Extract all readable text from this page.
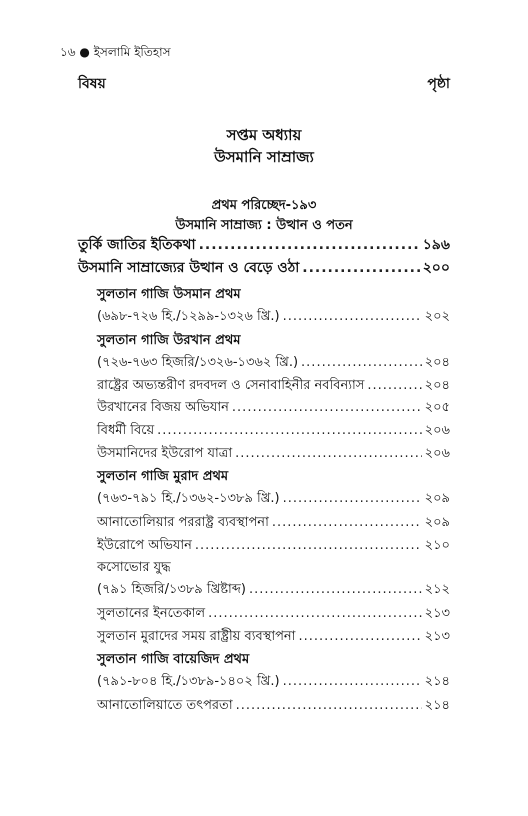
১৬ ● ইসলামি ইতিহাস
বিষয়	পৃষ্ঠা
সপ্তম অধ্যায়
উসমানি সাম্রাজ্য
প্রথম পরিচ্ছেদ-১৯৩
উসমানি সাম্রাজ্য : উত্থান ও পতন
তুর্কি জাতির ইতিকথা .....	১৯৬
উসমানি সাম্রাজ্যের উত্থান ও বেড়ে ওঠা .....	২০০
সুলতান গাজি উসমান প্রথম
(৬৯৮-৭২৬ হি./১২৯৯-১৩২৬ খ্রি.) .....	২০২
সুলতান গাজি উরখান প্রথম
(৭২৬-৭৬৩ হিজরি/১৩২৬-১৩৬২ খ্রি.) .....	২০৪
রাষ্ট্রের অভ্যন্তরীণ রদবদল ও সেনাবাহিনীর নববিন্যাস .....	২০৪
উরখানের বিজয় অভিযান .....	২০৫
বিধর্মী বিয়ে .....	২০৬
উসমানিদের ইউরোপ যাত্রা .....	২০৬
সুলতান গাজি মুরাদ প্রথম
(৭৬৩-৭৯১ হি./১৩৬২-১৩৮৯ খ্রি.) .....	২০৯
আনাতোলিয়ার পররাষ্ট্র ব্যবস্থাপনা .....	২০৯
ইউরোপে অভিযান .....	২১০
কসোভোর যুদ্ধ
(৭৯১ হিজরি/১৩৮৯ খ্রিষ্টাব্দ) .....	২১২
সুলতানের ইনতেকাল .....	২১৩
সুলতান মুরাদের সময় রাষ্ট্রীয় ব্যবস্থাপনা .....	২১৩
সুলতান গাজি বায়েজিদ প্রথম
(৭৯১-৮০৪ হি./১৩৮৯-১৪০২ খ্রি.) .....	২১৪
আনাতোলিয়াতে তৎপরতা .....	২১৪
